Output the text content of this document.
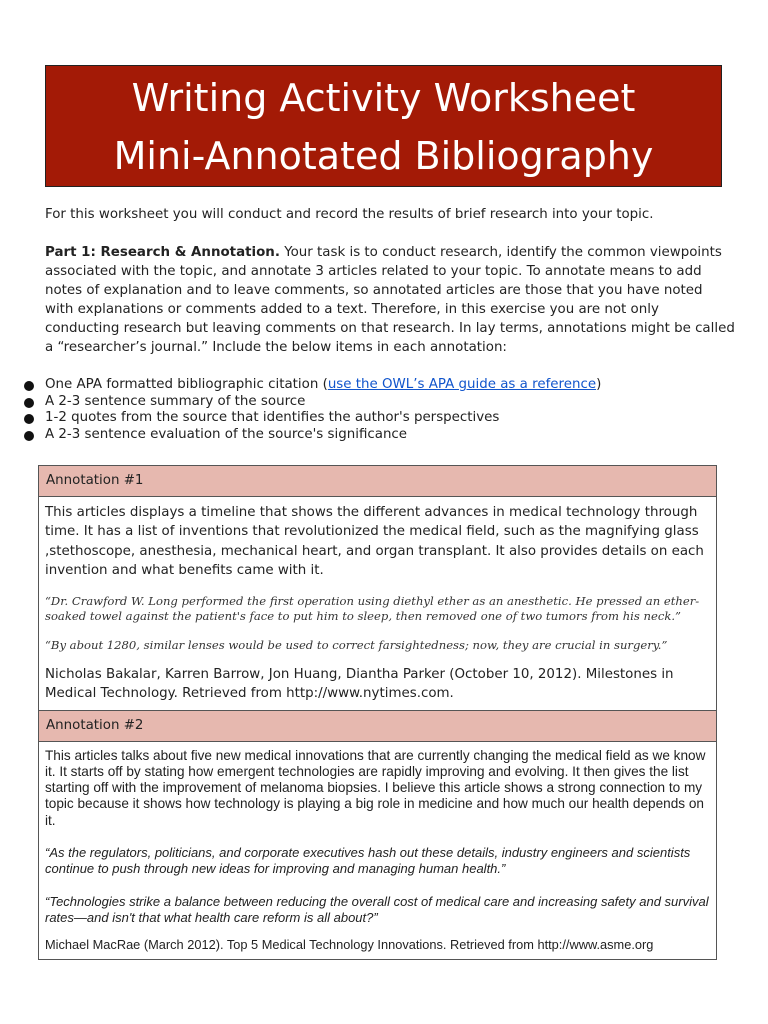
Writing Activity Worksheet
Mini-Annotated Bibliography

For this worksheet you will conduct and record the results of brief research into your topic.

Part 1: Research & Annotation. Your task is to conduct research, identify the common viewpoints associated with the topic, and annotate 3 articles related to your topic. To annotate means to add notes of explanation and to leave comments, so annotated articles are those that you have noted with explanations or comments added to a text. Therefore, in this exercise you are not only conducting research but leaving comments on that research. In lay terms, annotations might be called a “researcher’s journal.” Include the below items in each annotation:

One APA formatted bibliographic citation (use the OWL’s APA guide as a reference)
A 2-3 sentence summary of the source
1-2 quotes from the source that identifies the author's perspectives
A 2-3 sentence evaluation of the source's significance
Annotation #1

This articles displays a timeline that shows the different advances in medical technology through time. It has a list of inventions that revolutionized the medical field, such as the magnifying glass ,stethoscope, anesthesia, mechanical heart, and organ transplant. It also provides details on each invention and what benefits came with it.

“Dr. Crawford W. Long performed the first operation using diethyl ether as an anesthetic. He pressed an ether-soaked towel against the patient's face to put him to sleep, then removed one of two tumors from his neck.”

“By about 1280, similar lenses would be used to correct farsightedness; now, they are crucial in surgery.”

Nicholas Bakalar, Karren Barrow, Jon Huang, Diantha Parker (October 10, 2012). Milestones in Medical Technology. Retrieved from http://www.nytimes.com.

Annotation #2

This articles talks about five new medical innovations that are currently changing the medical field as we know it. It starts off by stating how emergent technologies are rapidly improving and evolving. It then gives the list starting off with the improvement of melanoma biopsies. I believe this article shows a strong connection to my topic because it shows how technology is playing a big role in medicine and how much our health depends on it.

“As the regulators, politicians, and corporate executives hash out these details, industry engineers and scientists continue to push through new ideas for improving and managing human health.”

“Technologies strike a balance between reducing the overall cost of medical care and increasing safety and survival rates—and isn't that what health care reform is all about?”

Michael MacRae (March 2012). Top 5 Medical Technology Innovations. Retrieved from http://www.asme.org
